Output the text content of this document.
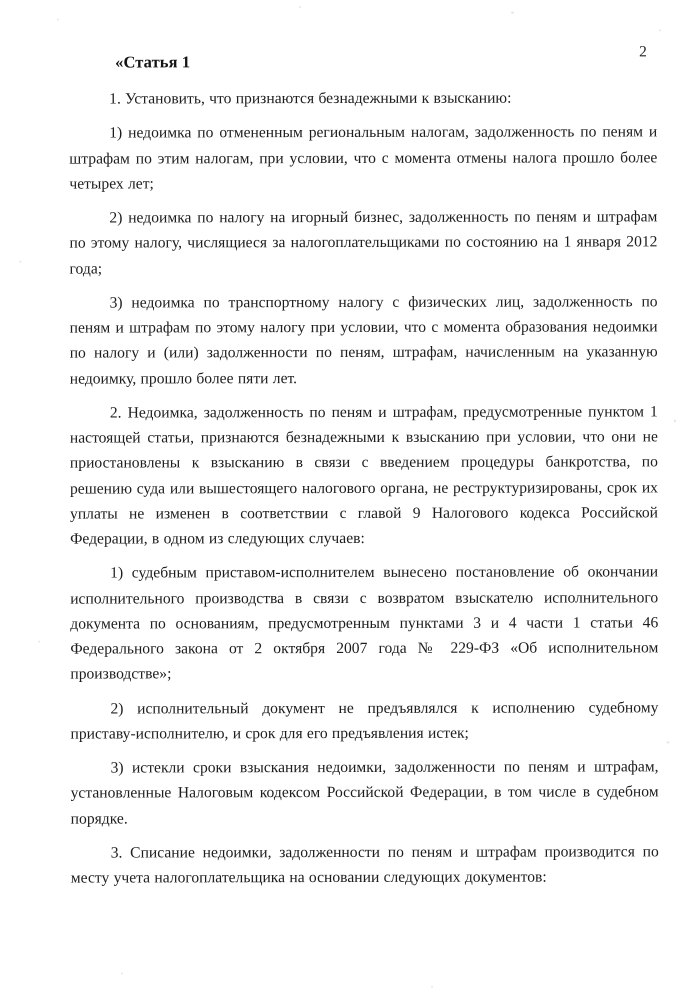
2
«Статья 1

1. Установить, что признаются безнадежными к взысканию:

1) недоимка по отмененным региональным налогам, задолженность по пеням и штрафам по этим налогам, при условии, что с момента отмены налога прошло более четырех лет;

2) недоимка по налогу на игорный бизнес, задолженность по пеням и штрафам по этому налогу, числящиеся за налогоплательщиками по состоянию на 1 января 2012 года;

3) недоимка по транспортному налогу с физических лиц, задолженность по пеням и штрафам по этому налогу при условии, что с момента образования недоимки по налогу и (или) задолженности по пеням, штрафам, начисленным на указанную недоимку, прошло более пяти лет.

2. Недоимка, задолженность по пеням и штрафам, предусмотренные пунктом 1 настоящей статьи, признаются безнадежными к взысканию при условии, что они не приостановлены к взысканию в связи с введением процедуры банкротства, по решению суда или вышестоящего налогового органа, не реструктуризированы, срок их уплаты не изменен в соответствии с главой 9 Налогового кодекса Российской Федерации, в одном из следующих случаев:

1) судебным приставом-исполнителем вынесено постановление об окончании исполнительного производства в связи с возвратом взыскателю исполнительного документа по основаниям, предусмотренным пунктами 3 и 4 части 1 статьи 46 Федерального закона от 2 октября 2007 года № 229-ФЗ «Об исполнительном производстве»;

2) исполнительный документ не предъявлялся к исполнению судебному приставу-исполнителю, и срок для его предъявления истек;

3) истекли сроки взыскания недоимки, задолженности по пеням и штрафам, установленные Налоговым кодексом Российской Федерации, в том числе в судебном порядке.

3. Списание недоимки, задолженности по пеням и штрафам производится по месту учета налогоплательщика на основании следующих документов:
